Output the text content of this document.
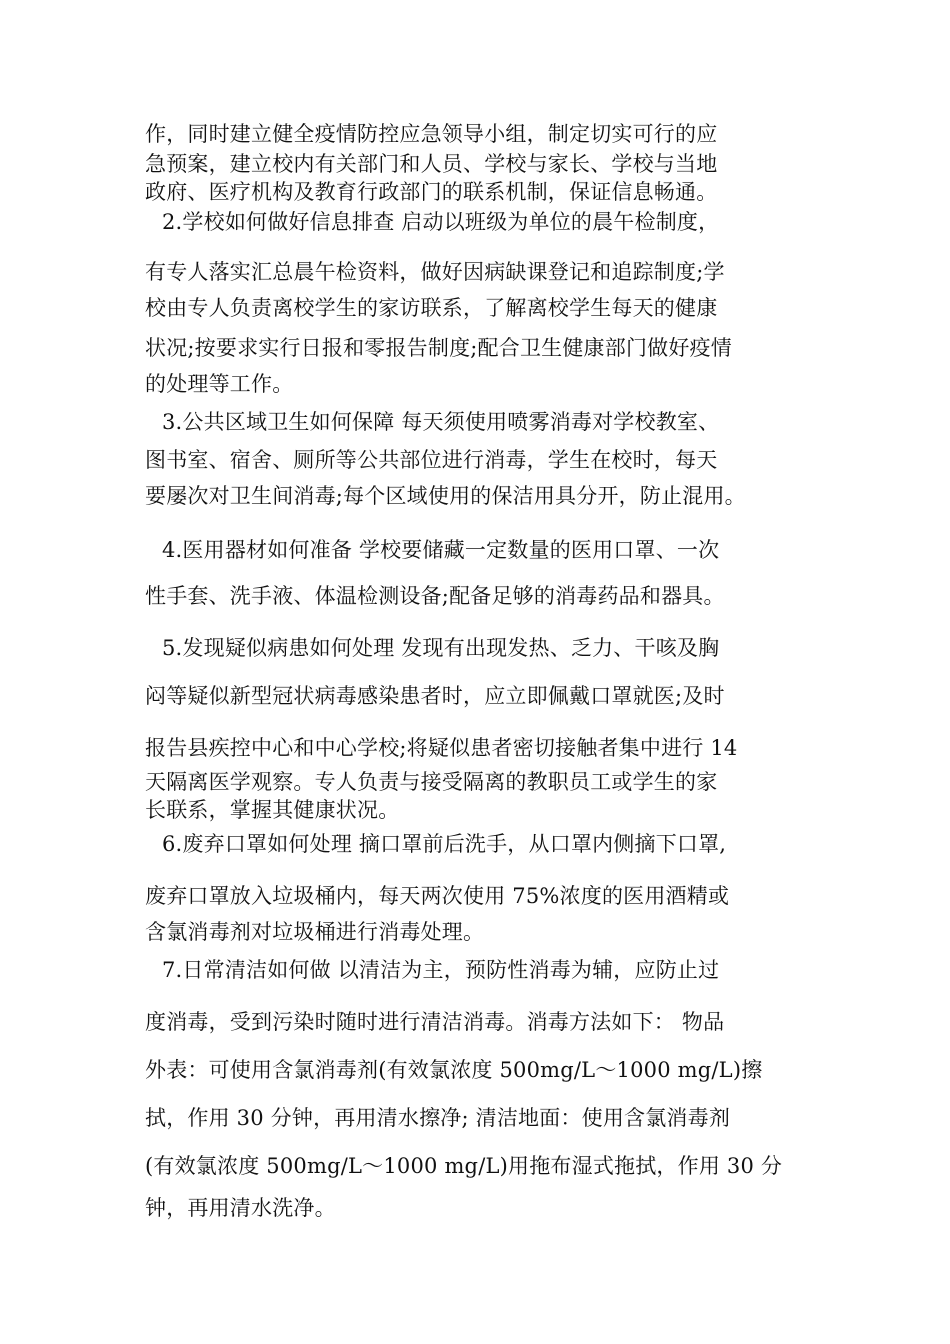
作，同时建立健全疫情防控应急领导小组，制定切实可行的应
急预案，建立校内有关部门和人员、学校与家长、学校与当地
政府、医疗机构及教育行政部门的联系机制，保证信息畅通。
2.学校如何做好信息排查 启动以班级为单位的晨午检制度，
有专人落实汇总晨午检资料，做好因病缺课登记和追踪制度;学
校由专人负责离校学生的家访联系，了解离校学生每天的健康
状况;按要求实行日报和零报告制度;配合卫生健康部门做好疫情
的处理等工作。
3.公共区域卫生如何保障 每天须使用喷雾消毒对学校教室、
图书室、宿舍、厕所等公共部位进行消毒，学生在校时，每天
要屡次对卫生间消毒;每个区域使用的保洁用具分开，防止混用。
4.医用器材如何准备 学校要储藏一定数量的医用口罩、一次
性手套、洗手液、体温检测设备;配备足够的消毒药品和器具。
5.发现疑似病患如何处理 发现有出现发热、乏力、干咳及胸
闷等疑似新型冠状病毒感染患者时，应立即佩戴口罩就医;及时
报告县疾控中心和中心学校;将疑似患者密切接触者集中进行 14
天隔离医学观察。专人负责与接受隔离的教职员工或学生的家
长联系，掌握其健康状况。
6.废弃口罩如何处理 摘口罩前后洗手，从口罩内侧摘下口罩,
废弃口罩放入垃圾桶内，每天两次使用 75%浓度的医用酒精或
含氯消毒剂对垃圾桶进行消毒处理。
7.日常清洁如何做 以清洁为主，预防性消毒为辅，应防止过
度消毒，受到污染时随时进行清洁消毒。消毒方法如下： 物品
外表：可使用含氯消毒剂(有效氯浓度 500mg/L～1000 mg/L)擦
拭，作用 30 分钟，再用清水擦净; 清洁地面：使用含氯消毒剂
(有效氯浓度 500mg/L～1000 mg/L)用拖布湿式拖拭，作用 30 分
钟，再用清水洗净。
